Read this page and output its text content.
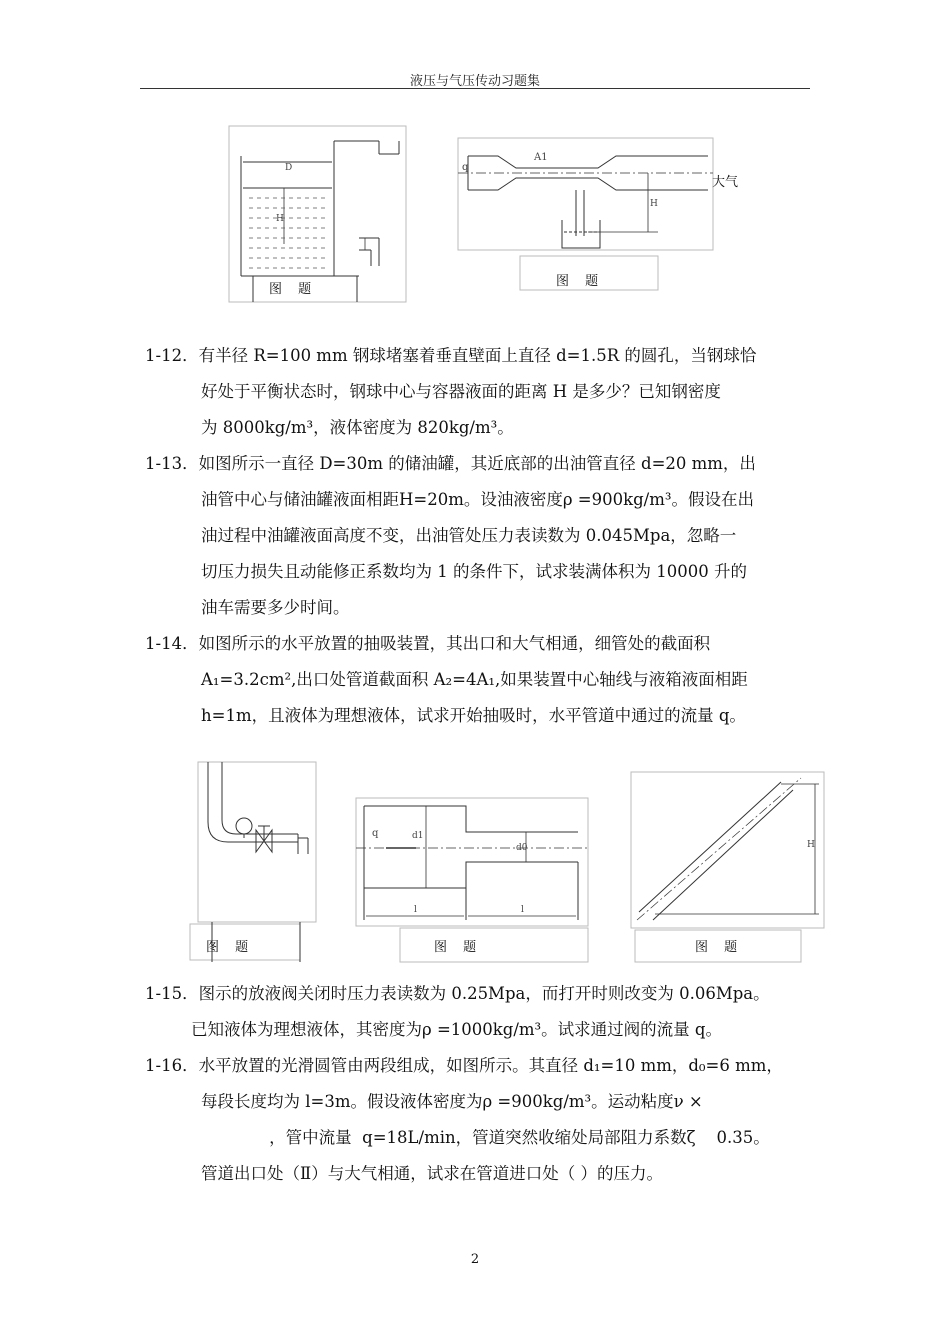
液压与气压传动习题集
D
H
图 题
A1
q
H
大气
图 题
1-12．有半径 R=100 mm 钢球堵塞着垂直壁面上直径 d=1.5R 的圆孔，当钢球恰
好处于平衡状态时，钢球中心与容器液面的距离 H 是多少？已知钢密度
为 8000kg/m³，液体密度为 820kg/m³。
1-13．如图所示一直径 D=30m 的储油罐，其近底部的出油管直径 d=20 mm，出
油管中心与储油罐液面相距H=20m。设油液密度ρ =900kg/m³。假设在出
油过程中油罐液面高度不变，出油管处压力表读数为 0.045Mpa，忽略一
切压力损失且动能修正系数均为 1 的条件下，试求装满体积为 10000 升的
油车需要多少时间。
1-14．如图所示的水平放置的抽吸装置，其出口和大气相通，细管处的截面积
A₁=3.2cm²,出口处管道截面积 A₂=4A₁,如果装置中心轴线与液箱液面相距
h=1m，且液体为理想液体，试求开始抽吸时，水平管道中通过的流量 q。
图 题
q	d1
d0
l	l
图 题
H
图 题
1-15．图示的放液阀关闭时压力表读数为 0.25Mpa，而打开时则改变为 0.06Mpa。
已知液体为理想液体，其密度为ρ =1000kg/m³。试求通过阀的流量 q。
1-16．水平放置的光滑圆管由两段组成，如图所示。其直径 d₁=10 mm，d₀=6 mm，
每段长度均为 l=3m。假设液体密度为ρ =900kg/m³。运动粘度ν ×
，管中流量  q=18L/min，管道突然收缩处局部阻力系数ζ    0.35。
管道出口处（Ⅱ）与大气相通，试求在管道进口处（ ）的压力。
2
